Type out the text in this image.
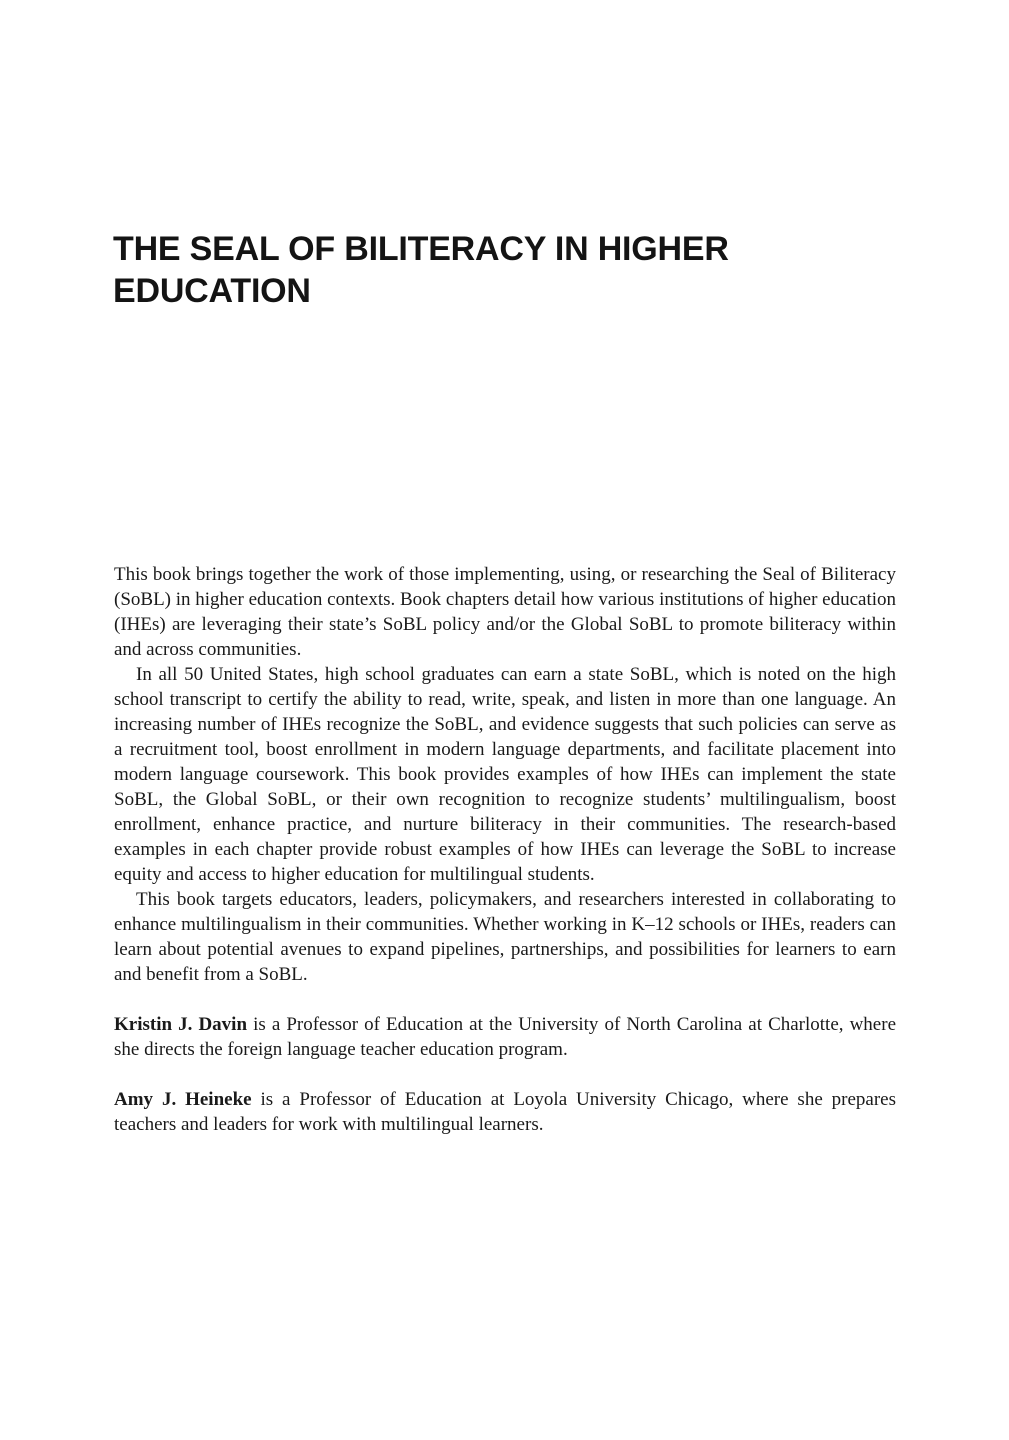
THE SEAL OF BILITERACY IN HIGHER EDUCATION

This book brings together the work of those implementing, using, or researching the Seal of Biliteracy (SoBL) in higher education contexts. Book chapters detail how various institutions of higher education (IHEs) are leveraging their state’s SoBL policy and/or the Global SoBL to promote biliteracy within and across communities.

In all 50 United States, high school graduates can earn a state SoBL, which is noted on the high school transcript to certify the ability to read, write, speak, and listen in more than one language. An increasing number of IHEs recognize the SoBL, and evidence suggests that such policies can serve as a recruitment tool, boost enrollment in modern language departments, and facilitate placement into modern language coursework. This book provides examples of how IHEs can implement the state SoBL, the Global SoBL, or their own recognition to recognize students’ multilingualism, boost enrollment, enhance practice, and nurture biliteracy in their communities. The research-based examples in each chapter provide robust examples of how IHEs can leverage the SoBL to increase equity and access to higher education for multilingual students.

This book targets educators, leaders, policymakers, and researchers interested in collaborating to enhance multilingualism in their communities. Whether working in K–12 schools or IHEs, readers can learn about potential avenues to expand pipelines, partnerships, and possibilities for learners to earn and benefit from a SoBL.

Kristin J. Davin is a Professor of Education at the University of North Carolina at Charlotte, where she directs the foreign language teacher education program.

Amy J. Heineke is a Professor of Education at Loyola University Chicago, where she prepares teachers and leaders for work with multilingual learners.
